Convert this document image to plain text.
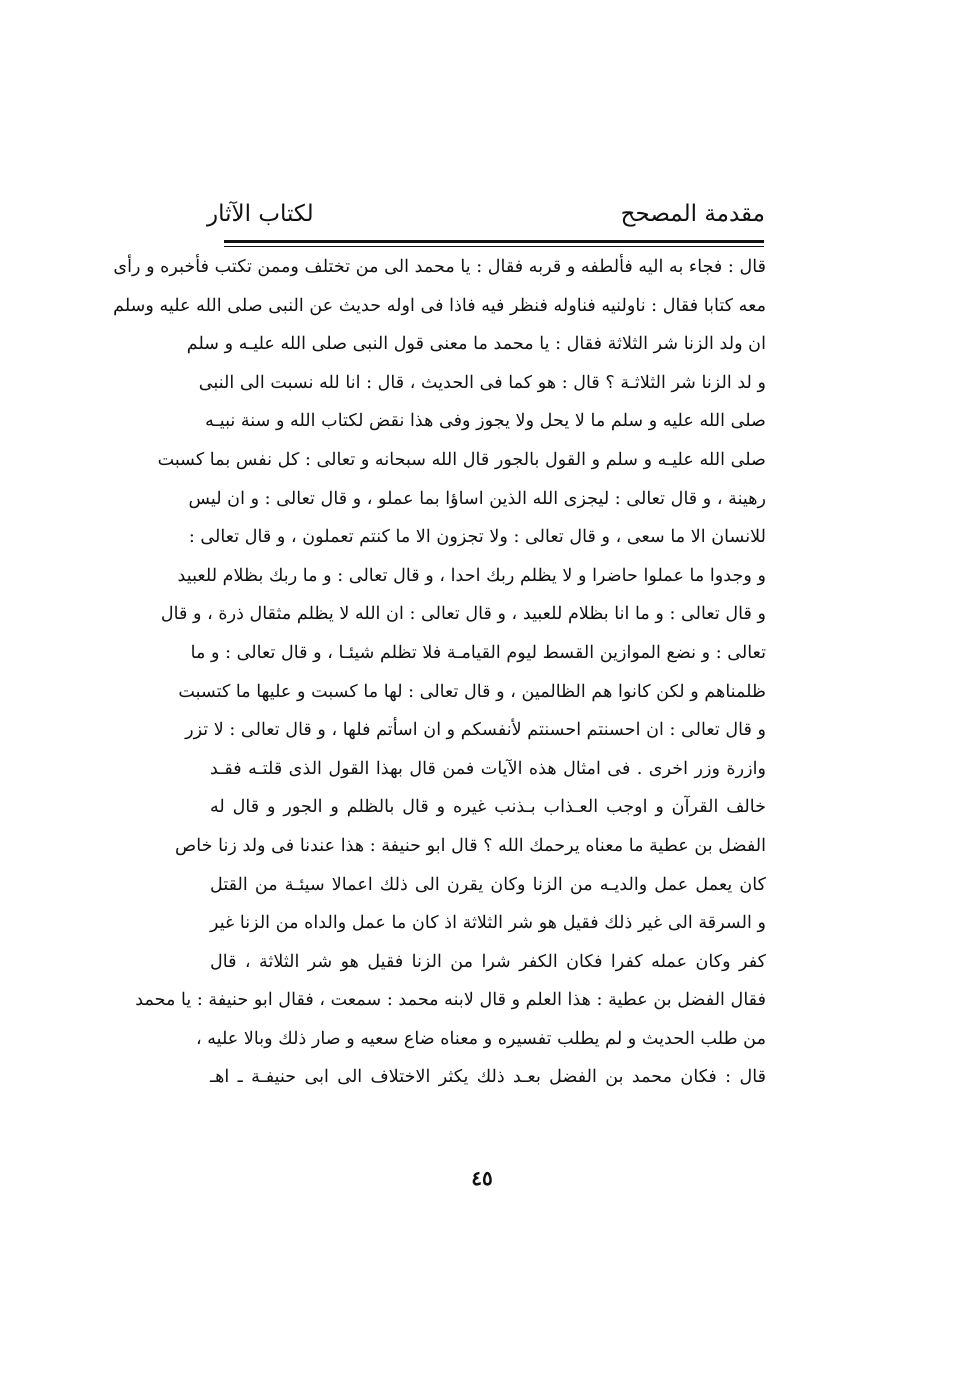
مقدمة المصحح
لكتاب الآثار
قال : فجاء به اليه فألطفه و قربه فقال : يا محمد الى من تختلف وممن تكتب فأخبره و رأى
معه كتابا فقال : ناولنيه فناوله فنظر فيه فاذا فى اوله حديث عن النبى صلى الله عليه وسلم
ان ولد الزنا شر الثلاثة فقال : يا محمد ما معنى قول النبى صلى الله عليـه و سلم
و لد الزنا شر الثلاثـة ؟ قال : هو كما فى الحديث ، قال : انا لله نسبت الى النبى
صلى الله عليه و سلم ما لا يحل ولا يجوز وفى هذا نقض لكتاب الله و سنة نبيـه
صلى الله عليـه و سلم و القول بالجور قال الله سبحانه و تعالى : كل نفس بما كسبت
رهينة ، و قال تعالى : ليجزى الله الذين اساؤا بما عملو ، و قال تعالى : و ان ليس
للانسان الا ما سعى ، و قال تعالى : ولا تجزون الا ما كنتم تعملون ، و قال تعالى :
و وجدوا ما عملوا حاضرا و لا يظلم ربك احدا ، و قال تعالى : و ما ربك بظلام للعبيد
و قال تعالى : و ما انا بظلام للعبيد ، و قال تعالى : ان الله لا يظلم مثقال ذرة ، و قال
تعالى : و نضع الموازين القسط ليوم القيامـة فلا تظلم شيئـا ، و قال تعالى : و ما
ظلمناهم و لكن كانوا هم الظالمين ، و قال تعالى : لها ما كسبت و عليها ما كتسبت
و قال تعالى : ان احسنتم احسنتم لأنفسكم و ان اسأتم فلها ، و قال تعالى : لا تزر
وازرة وزر اخرى . فى امثال هذه الآيات فمن قال بهذا القول الذى قلتـه فقـد
خالف القرآن و اوجب العـذاب بـذنب غيره و قال بالظلم و الجور و قال له
الفضل بن عطية ما معناه يرحمك الله ؟ قال ابو حنيفة : هذا عندنا فى ولد زنا خاص
كان يعمل عمل والديـه من الزنا وكان يقرن الى ذلك اعمالا سيئـة من القتل
و السرقة الى غير ذلك فقيل هو شر الثلاثة اذ كان ما عمل والداه من الزنا غير
كفر وكان عمله كفرا فكان الكفر شرا من الزنا فقيل هو شر الثلاثة ، قال
فقال الفضل بن عطية : هذا العلم و قال لابنه محمد : سمعت ، فقال ابو حنيفة : يا محمد
من طلب الحديث و لم يطلب تفسيره و معناه ضاع سعيه و صار ذلك وبالا عليه ،
قال : فكان محمد بن الفضل بعـد ذلك يكثر الاختلاف الى ابى حنيفـة ـ اهـ
٤٥
